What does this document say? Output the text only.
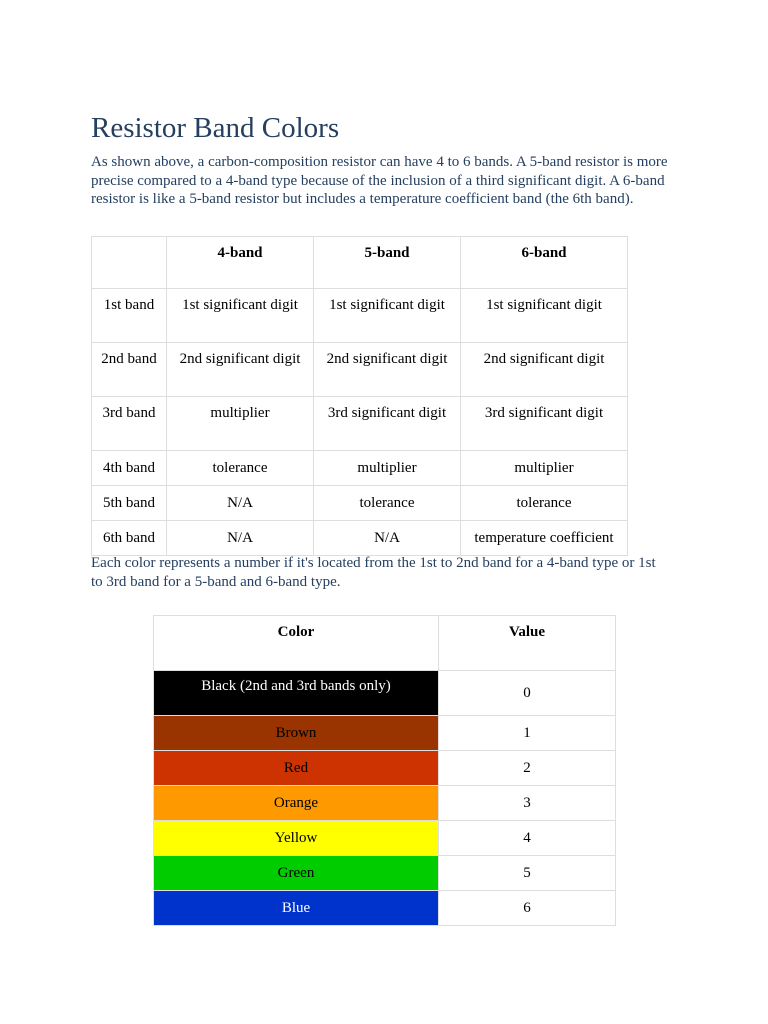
Resistor Band Colors

As shown above, a carbon-composition resistor can have 4 to 6 bands. A 5-band resistor is more precise compared to a 4-band type because of the inclusion of a third significant digit. A 6-band resistor is like a 5-band resistor but includes a temperature coefficient band (the 6th band).

	4-band	5-band	6-band
1st band	1st significant digit	1st significant digit	1st significant digit
2nd band	2nd significant digit	2nd significant digit	2nd significant digit
3rd band	multiplier	3rd significant digit	3rd significant digit
4th band	tolerance	multiplier	multiplier
5th band	N/A	tolerance	tolerance
6th band	N/A	N/A	temperature coefficient

Each color represents a number if it's located from the 1st to 2nd band for a 4-band type or 1st to 3rd band for a 5-band and 6-band type.

Color	Value
Black (2nd and 3rd bands only)	0
Brown	1
Red	2
Orange	3
Yellow	4
Green	5
Blue	6
